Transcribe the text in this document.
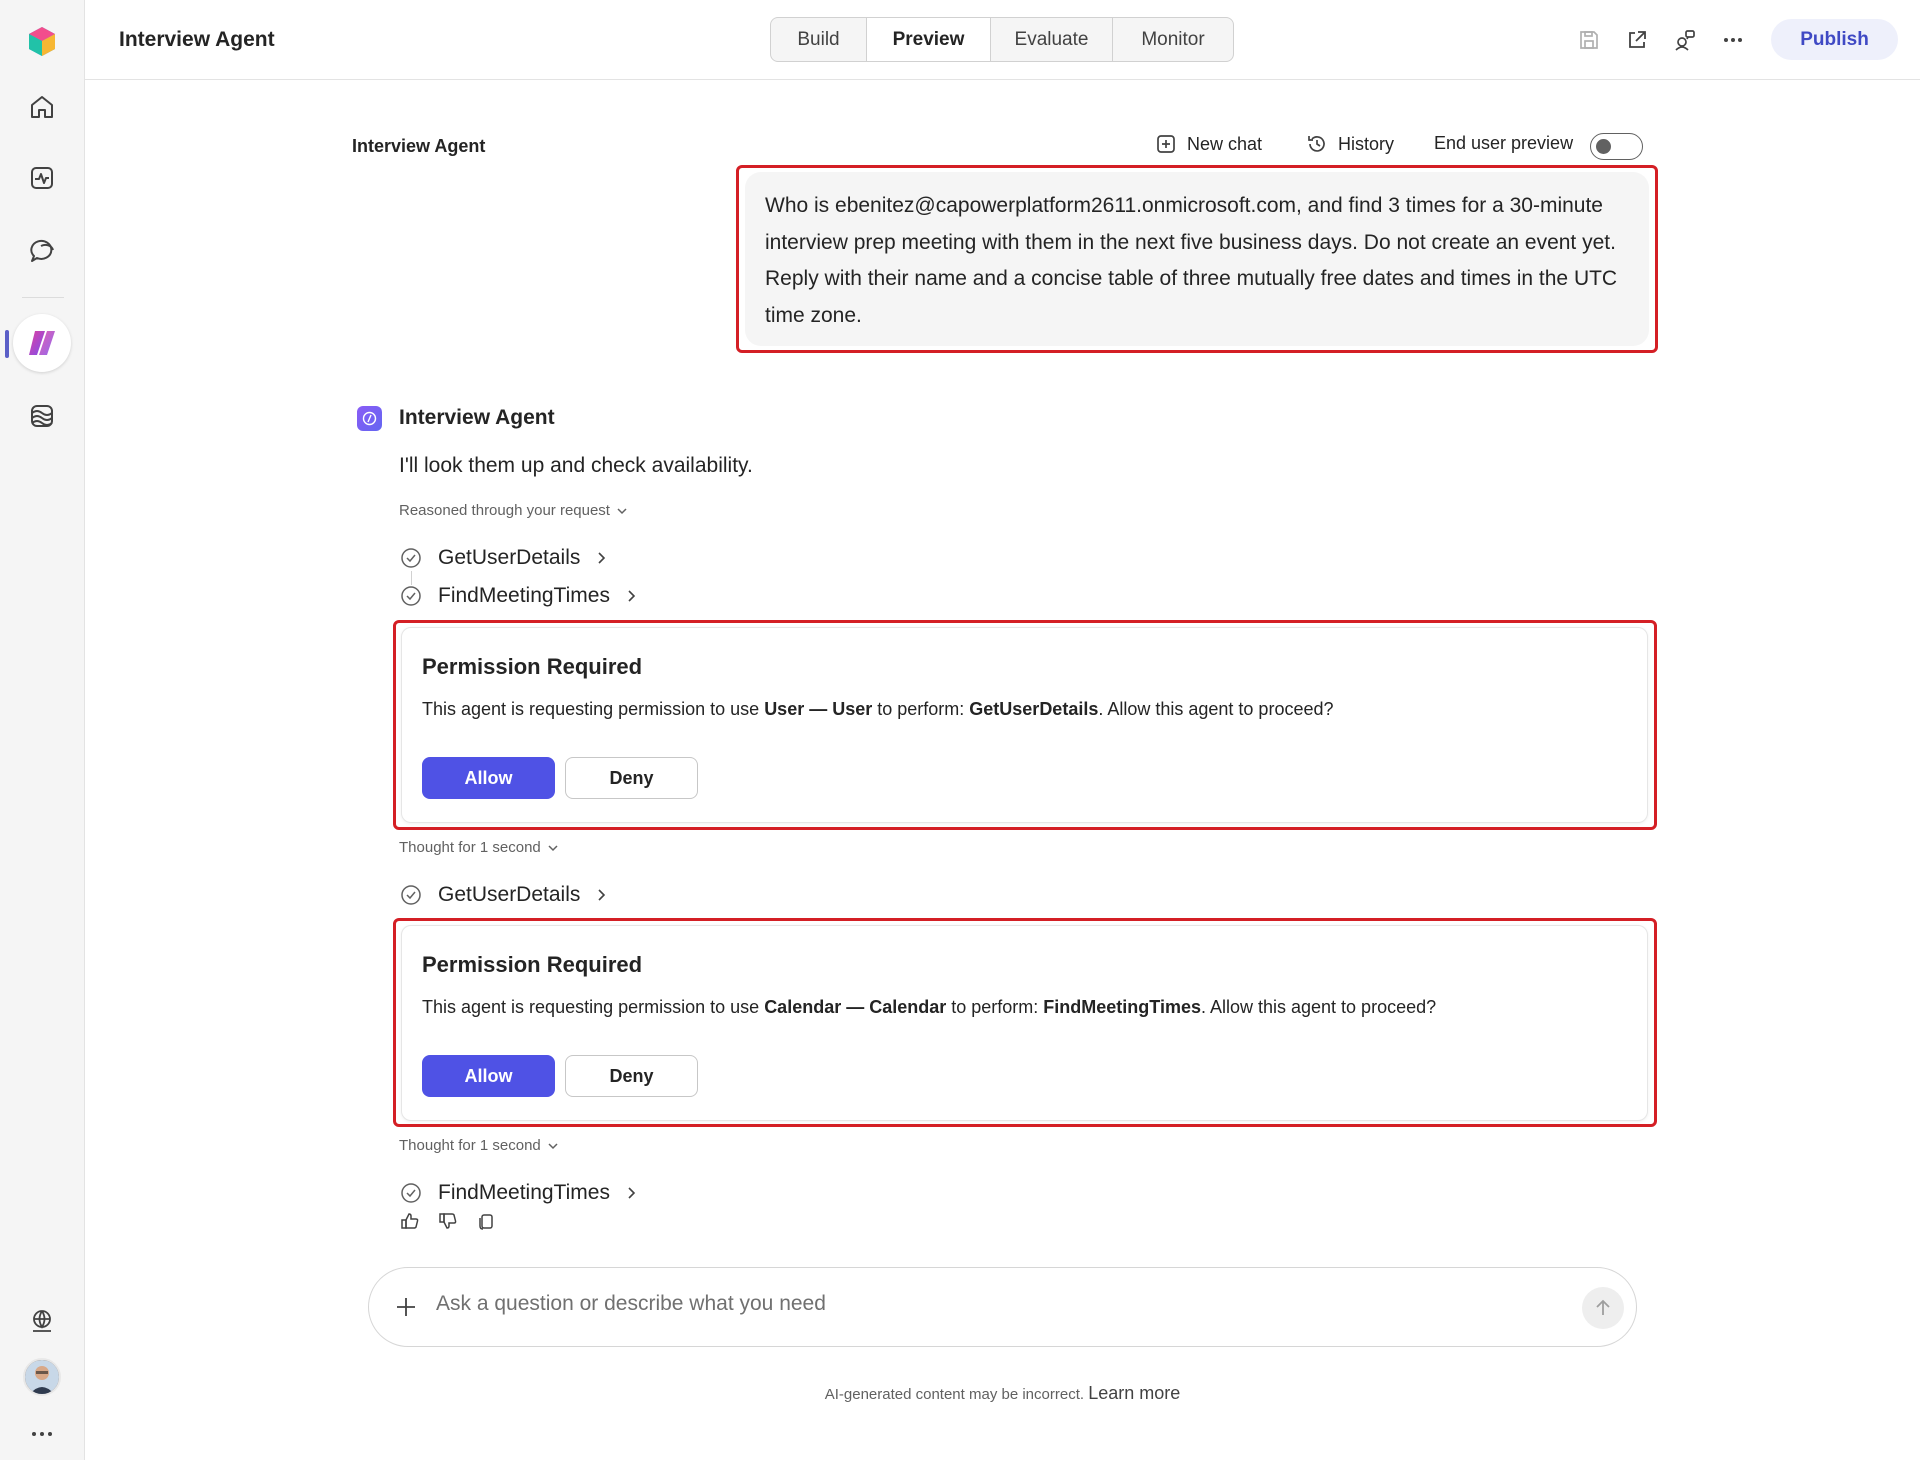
Interview Agent	Build	Preview	Evaluate	Monitor	Publish
Interview Agent	New chat	History End user preview
Who is ebenitez@capowerplatform2611.onmicrosoft.com, and find 3 times for a 30-minute interview prep meeting with them in the next five business days. Do not create an event yet. Reply with their name and a concise table of three mutually free dates and times in the UTC time zone.
Interview Agent
I'll look them up and check availability.
Reasoned through your request
GetUserDetails
FindMeetingTimes
Permission Required
This agent is requesting permission to use User — User to perform: GetUserDetails. Allow this agent to proceed?
Allow	Deny
Thought for 1 second
GetUserDetails
Permission Required
This agent is requesting permission to use Calendar — Calendar to perform: FindMeetingTimes. Allow this agent to proceed?
Allow	Deny
Thought for 1 second
FindMeetingTimes
Ask a question or describe what you need
AI-generated content may be incorrect. Learn more
